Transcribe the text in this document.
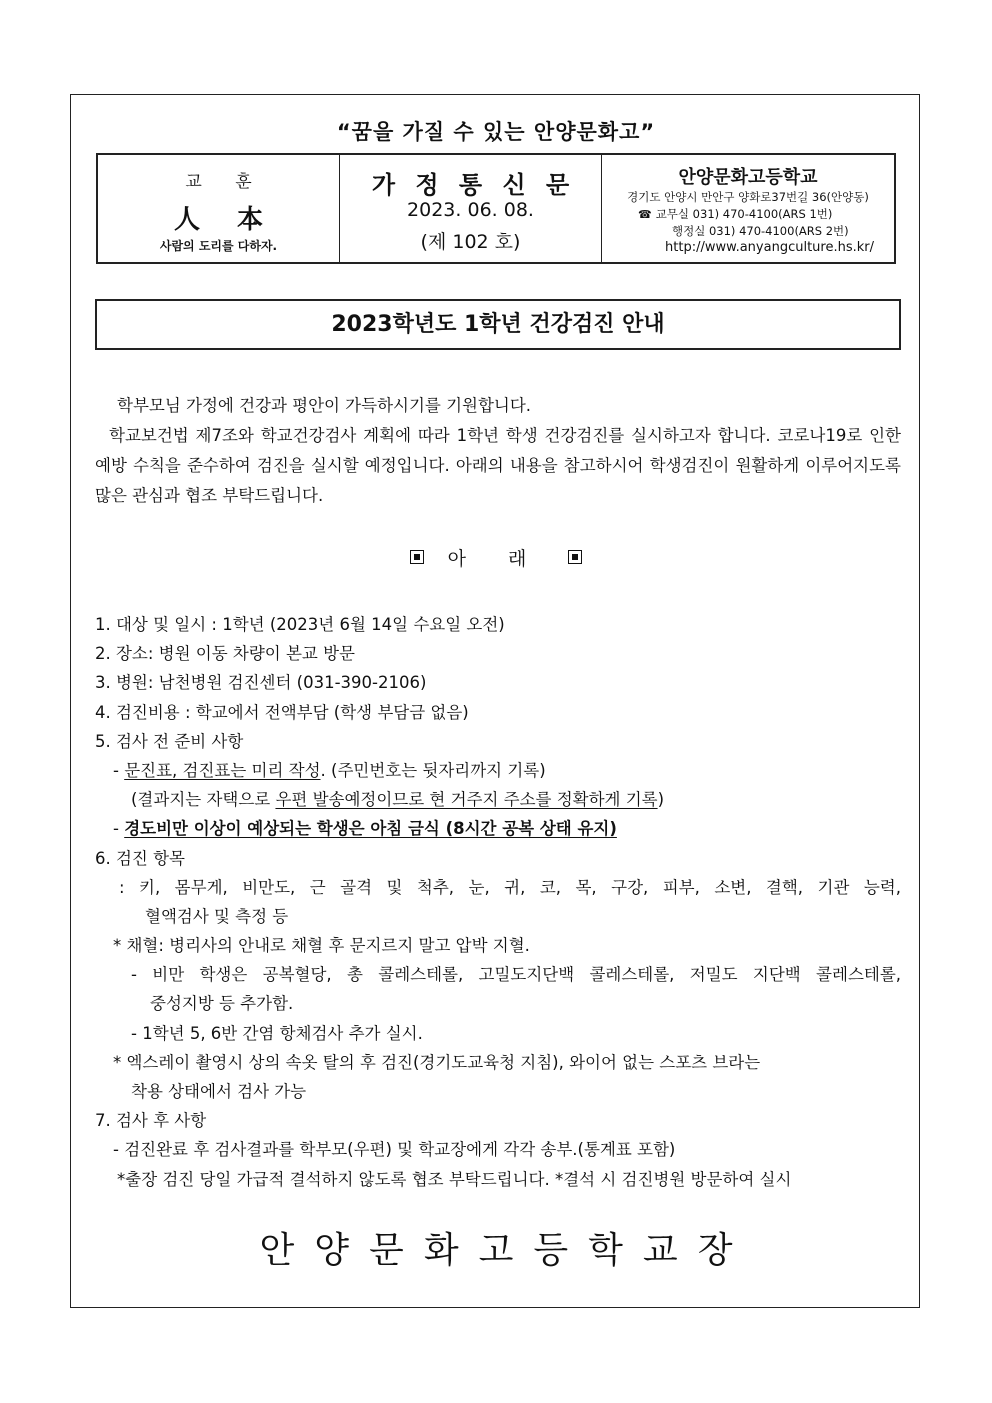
“꿈을 가질 수 있는 안양문화고”
교 훈
人 本
사람의 도리를 다하자.
가 정 통 신 문
2023. 06. 08.
(제 102 호)
안양문화고등학교
경기도 안양시 만안구 양화로37번길 36(안양동)
☎ 교무실 031) 470-4100(ARS 1번)
행정실 031) 470-4100(ARS 2번)
http://www.anyangculture.hs.kr/
2023학년도 1학년 건강검진 안내
학부모님 가정에 건강과 평안이 가득하시기를 기원합니다.
학교보건법 제7조와 학교건강검사 계획에 따라 1학년 학생 건강검진를 실시하고자 합니다. 코로나19로 인한 예방 수칙을 준수하여 검진을 실시할 예정입니다. 아래의 내용을 참고하시어 학생검진이 원활하게 이루어지도록 많은 관심과 협조 부탁드립니다.
아 래
1. 대상 및 일시 : 1학년 (2023년 6월 14일 수요일 오전)
2. 장소: 병원 이동 차량이 본교 방문
3. 병원: 남천병원 검진센터 (031-390-2106)
4. 검진비용 : 학교에서 전액부담 (학생 부담금 없음)
5. 검사 전 준비 사항
- 문진표, 검진표는 미리 작성. (주민번호는 뒷자리까지 기록)
(결과지는 자택으로 우편 발송예정이므로 현 거주지 주소를 정확하게 기록)
- 경도비만 이상이 예상되는 학생은 아침 금식 (8시간 공복 상태 유지)
6. 검진 항목
: 키, 몸무게, 비만도, 근 골격 및 척추, 눈, 귀, 코, 목, 구강, 피부, 소변, 결핵, 기관 능력,
혈액검사 및 측정 등
* 채혈: 병리사의 안내로 채혈 후 문지르지 말고 압박 지혈.
- 비만 학생은 공복혈당, 총 콜레스테롤, 고밀도지단백 콜레스테롤, 저밀도 지단백 콜레스테롤,
중성지방 등 추가함.
- 1학년 5, 6반 간염 항체검사 추가 실시.
* 엑스레이 촬영시 상의 속옷 탈의 후 검진(경기도교육청 지침), 와이어 없는 스포츠 브라는
착용 상태에서 검사 가능
7. 검사 후 사항
- 검진완료 후 검사결과를 학부모(우편) 및 학교장에게 각각 송부.(통계표 포함)
*출장 검진 당일 가급적 결석하지 않도록 협조 부탁드립니다. *결석 시 검진병원 방문하여 실시
안양문화고등학교장
